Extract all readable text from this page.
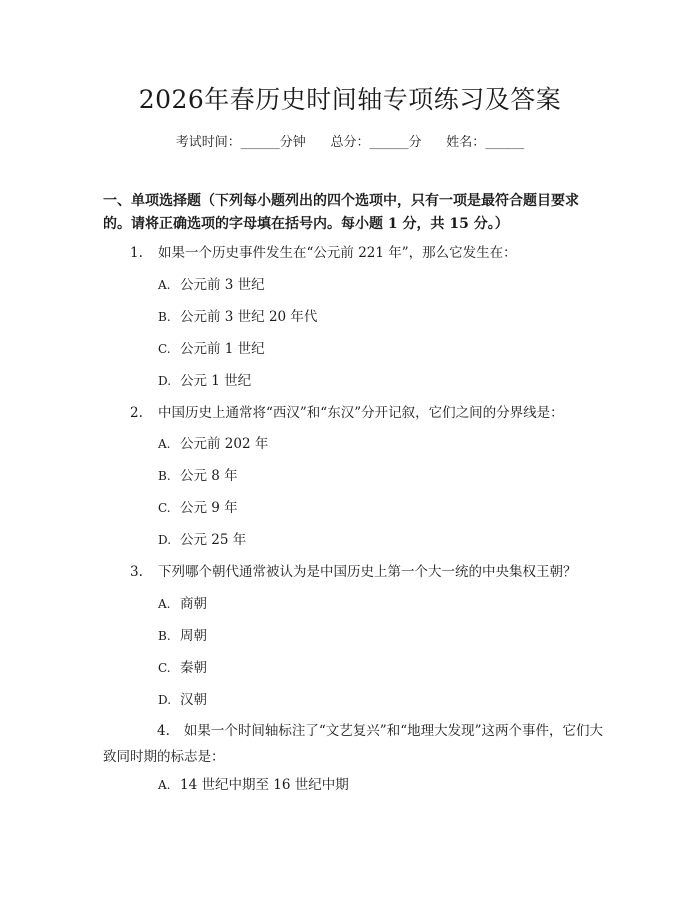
2026年春历史时间轴专项练习及答案
考试时间：______分钟      总分：______分      姓名：______
一、单项选择题（下列每小题列出的四个选项中，只有一项是最符合题目要求的。请将正确选项的字母填在括号内。每小题 1 分，共 15 分。）
1. 如果一个历史事件发生在“公元前 221 年”，那么它发生在：
A. 公元前 3 世纪
B. 公元前 3 世纪 20 年代
C. 公元前 1 世纪
D. 公元 1 世纪
2. 中国历史上通常将“西汉”和“东汉”分开记叙，它们之间的分界线是：
A. 公元前 202 年
B. 公元 8 年
C. 公元 9 年
D. 公元 25 年
3. 下列哪个朝代通常被认为是中国历史上第一个大一统的中央集权王朝？
A. 商朝
B. 周朝
C. 秦朝
D. 汉朝
4. 如果一个时间轴标注了“文艺复兴”和“地理大发现”这两个事件，它们大致同时期的标志是：
A. 14 世纪中期至 16 世纪中期
